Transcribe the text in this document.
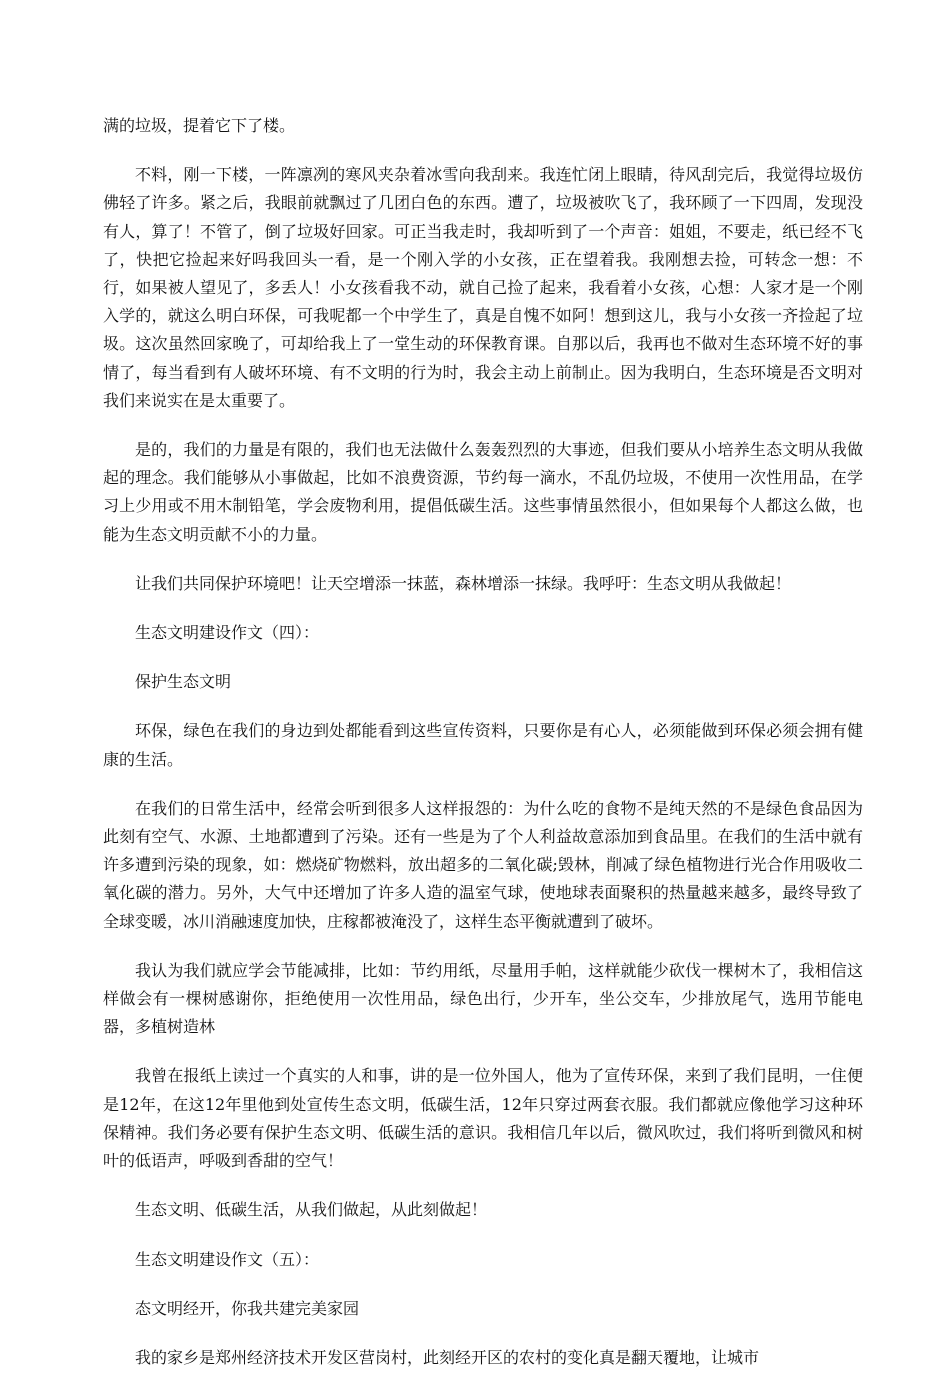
满的垃圾，提着它下了楼。

不料，刚一下楼，一阵凛冽的寒风夹杂着冰雪向我刮来。我连忙闭上眼睛，待风刮完后，我觉得垃圾仿佛轻了许多。紧之后，我眼前就飘过了几团白色的东西。遭了，垃圾被吹飞了，我环顾了一下四周，发现没有人，算了！不管了，倒了垃圾好回家。可正当我走时，我却听到了一个声音：姐姐，不要走，纸已经不飞了，快把它捡起来好吗我回头一看，是一个刚入学的小女孩，正在望着我。我刚想去捡，可转念一想：不行，如果被人望见了，多丢人！小女孩看我不动，就自己捡了起来，我看着小女孩，心想：人家才是一个刚入学的，就这么明白环保，可我呢都一个中学生了，真是自愧不如阿！想到这儿，我与小女孩一齐捡起了垃圾。这次虽然回家晚了，可却给我上了一堂生动的环保教育课。自那以后，我再也不做对生态环境不好的事情了，每当看到有人破坏环境、有不文明的行为时，我会主动上前制止。因为我明白，生态环境是否文明对我们来说实在是太重要了。

是的，我们的力量是有限的，我们也无法做什么轰轰烈烈的大事迹，但我们要从小培养生态文明从我做起的理念。我们能够从小事做起，比如不浪费资源，节约每一滴水，不乱仍垃圾，不使用一次性用品，在学习上少用或不用木制铅笔，学会废物利用，提倡低碳生活。这些事情虽然很小，但如果每个人都这么做，也能为生态文明贡献不小的力量。

让我们共同保护环境吧！让天空增添一抹蓝，森林增添一抹绿。我呼吁：生态文明从我做起！

生态文明建设作文（四）：

保护生态文明

环保，绿色在我们的身边到处都能看到这些宣传资料，只要你是有心人，必须能做到环保必须会拥有健康的生活。

在我们的日常生活中，经常会听到很多人这样报怨的：为什么吃的食物不是纯天然的不是绿色食品因为此刻有空气、水源、土地都遭到了污染。还有一些是为了个人利益故意添加到食品里。在我们的生活中就有许多遭到污染的现象，如：燃烧矿物燃料，放出超多的二氧化碳;毁林，削减了绿色植物进行光合作用吸收二氧化碳的潜力。另外，大气中还增加了许多人造的温室气球，使地球表面聚积的热量越来越多，最终导致了全球变暖，冰川消融速度加快，庄稼都被淹没了，这样生态平衡就遭到了破坏。

我认为我们就应学会节能减排，比如：节约用纸，尽量用手帕，这样就能少砍伐一棵树木了，我相信这样做会有一棵树感谢你，拒绝使用一次性用品，绿色出行，少开车，坐公交车，少排放尾气，选用节能电器，多植树造林

我曾在报纸上读过一个真实的人和事，讲的是一位外国人，他为了宣传环保，来到了我们昆明，一住便是12年，在这12年里他到处宣传生态文明，低碳生活，12年只穿过两套衣服。我们都就应像他学习这种环保精神。我们务必要有保护生态文明、低碳生活的意识。我相信几年以后，微风吹过，我们将听到微风和树叶的低语声，呼吸到香甜的空气！

生态文明、低碳生活，从我们做起，从此刻做起！

生态文明建设作文（五）：

态文明经开，你我共建完美家园

我的家乡是郑州经济技术开发区营岗村，此刻经开区的农村的变化真是翻天覆地，让城市
